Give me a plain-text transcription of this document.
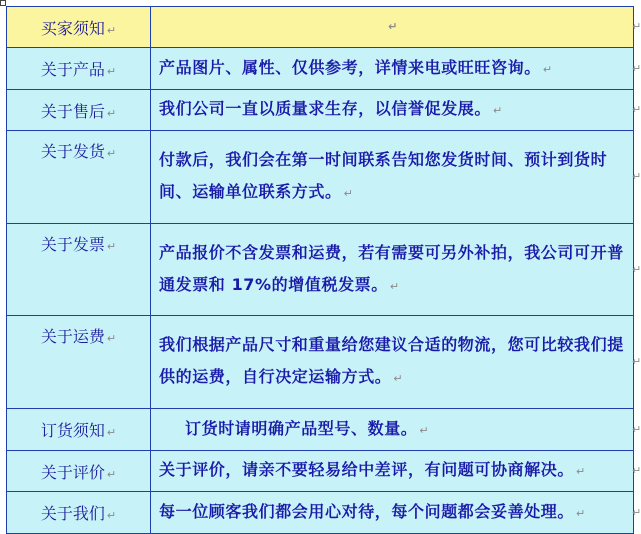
买家须知 ↵	↵

关于产品 ↵	产品图片、属性、仅供参考，详情来电或旺旺咨询。 ↵
关于售后 ↵	我们公司一直以质量求生存，以信誉促发展。 ↵
关于发货 ↵	付款后，我们会在第一时间联系告知您发货时间、预计到货时间、运输单位联系方式。 ↵
关于发票 ↵	产品报价不含发票和运费，若有需要可另外补拍，我公司可开普通发票和 17%的增值税发票。 ↵
关于运费 ↵	我们根据产品尺寸和重量给您建议合适的物流，您可比较我们提供的运费，自行决定运输方式。 ↵
订货须知 ↵	订货时请明确产品型号、数量。 ↵
关于评价 ↵	关于评价，请亲不要轻易给中差评，有问题可协商解决。 ↵
关于我们 ↵	每一位顾客我们都会用心对待，每个问题都会妥善处理。 ↵
↵
↵
↵
↵
↵
↵
↵
↵
↵
